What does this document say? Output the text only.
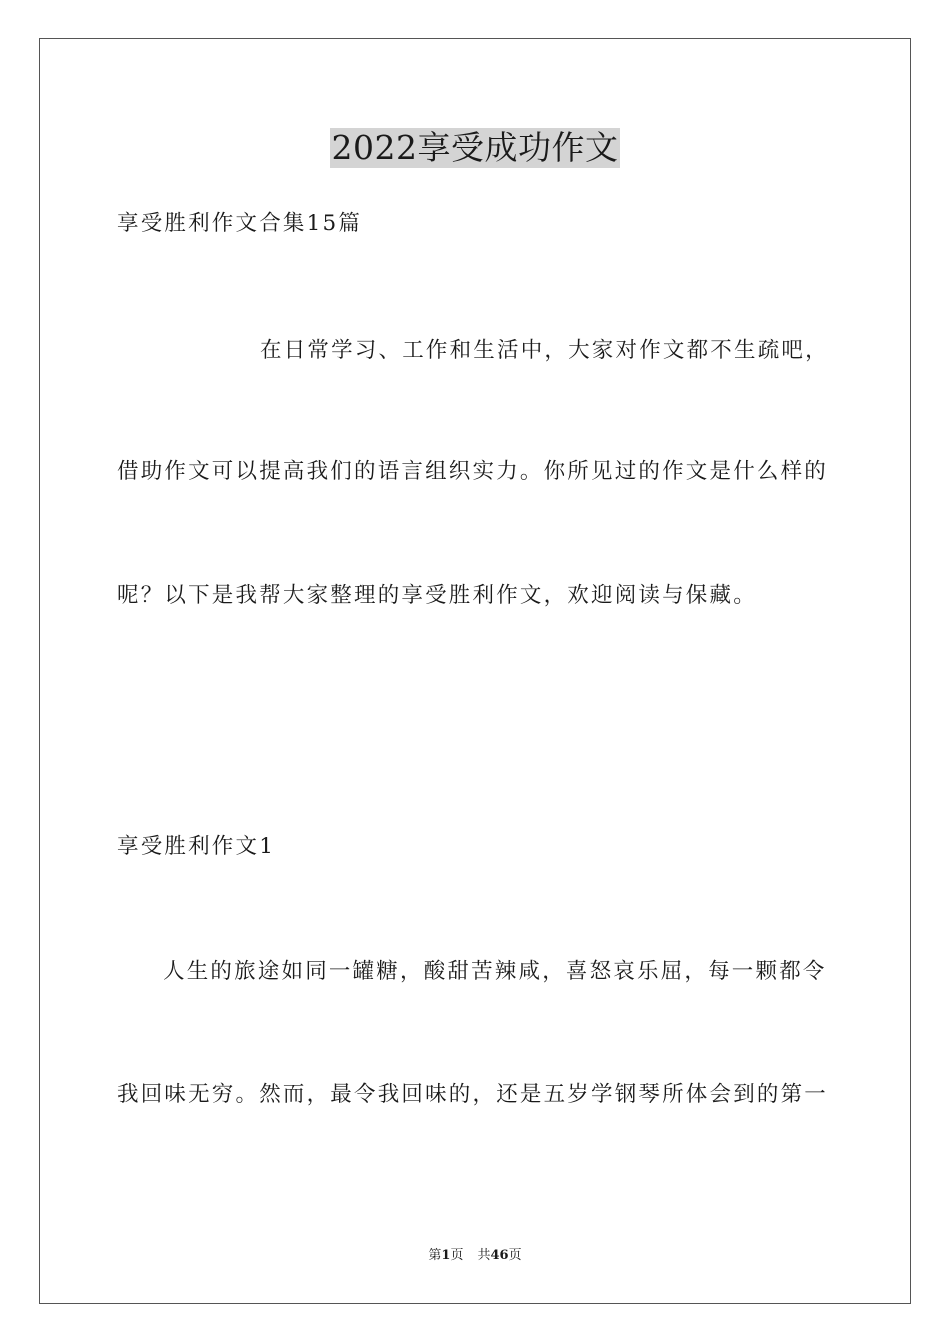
2022享受成功作文
享受胜利作文合集15篇
在日常学习、工作和生活中，大家对作文都不生疏吧，
借助作文可以提高我们的语言组织实力。你所见过的作文是什么样的
呢？以下是我帮大家整理的享受胜利作文，欢迎阅读与保藏。
享受胜利作文1
人生的旅途如同一罐糖，酸甜苦辣咸，喜怒哀乐屈，每一颗都令
我回味无穷。然而，最令我回味的，还是五岁学钢琴所体会到的第一
第1页 共46页
